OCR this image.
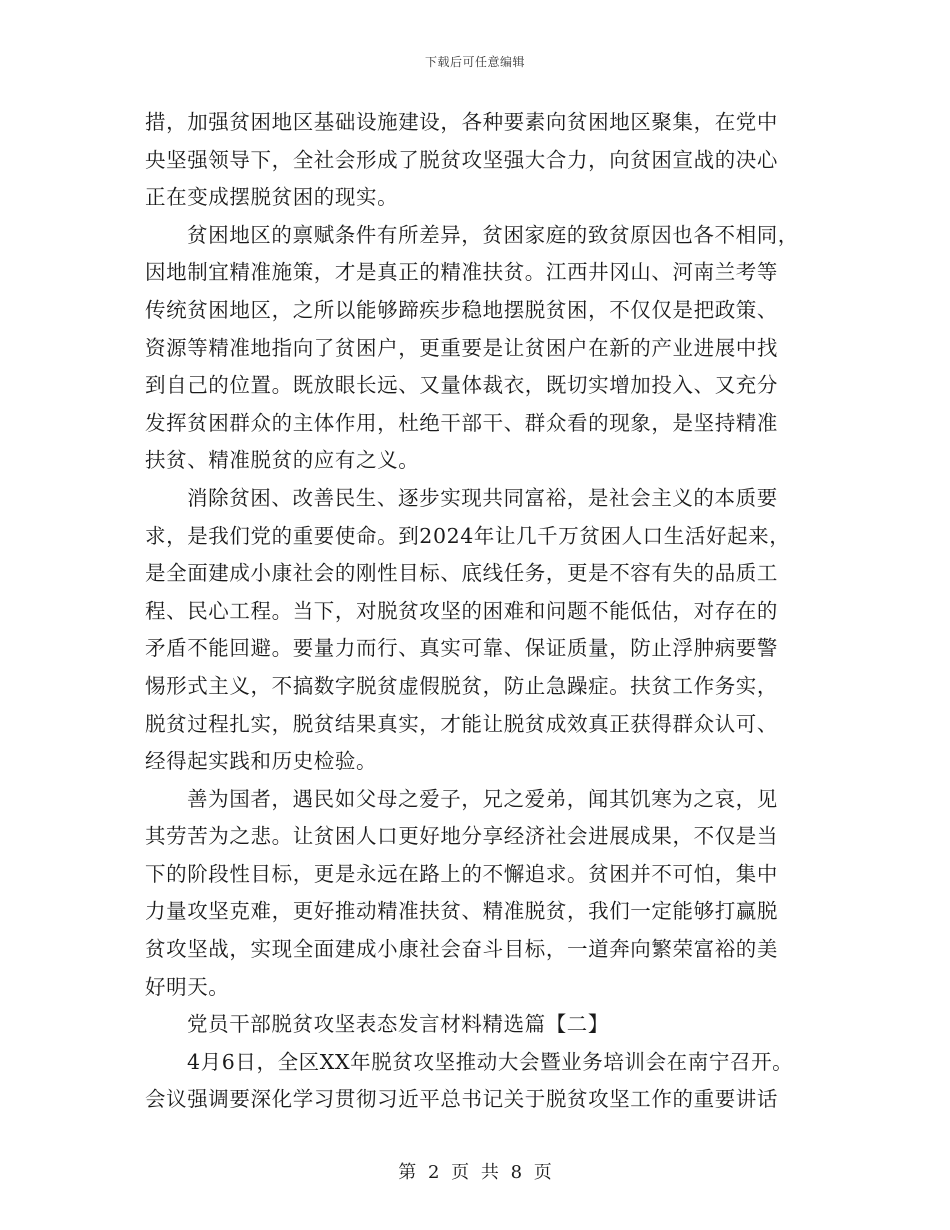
下载后可任意编辑
措，加强贫困地区基础设施建设，各种要素向贫困地区聚集，在党中
央坚强领导下，全社会形成了脱贫攻坚强大合力，向贫困宣战的决心
正在变成摆脱贫困的现实。
贫困地区的禀赋条件有所差异，贫困家庭的致贫原因也各不相同，
因地制宜精准施策，才是真正的精准扶贫。江西井冈山、河南兰考等
传统贫困地区，之所以能够蹄疾步稳地摆脱贫困，不仅仅是把政策、
资源等精准地指向了贫困户，更重要是让贫困户在新的产业进展中找
到自己的位置。既放眼长远、又量体裁衣，既切实增加投入、又充分
发挥贫困群众的主体作用，杜绝干部干、群众看的现象，是坚持精准
扶贫、精准脱贫的应有之义。
消除贫困、改善民生、逐步实现共同富裕，是社会主义的本质要
求，是我们党的重要使命。到2024年让几千万贫困人口生活好起来，
是全面建成小康社会的刚性目标、底线任务，更是不容有失的品质工
程、民心工程。当下，对脱贫攻坚的困难和问题不能低估，对存在的
矛盾不能回避。要量力而行、真实可靠、保证质量，防止浮肿病要警
惕形式主义，不搞数字脱贫虚假脱贫，防止急躁症。扶贫工作务实，
脱贫过程扎实，脱贫结果真实，才能让脱贫成效真正获得群众认可、
经得起实践和历史检验。
善为国者，遇民如父母之爱子，兄之爱弟，闻其饥寒为之哀，见
其劳苦为之悲。让贫困人口更好地分享经济社会进展成果，不仅是当
下的阶段性目标，更是永远在路上的不懈追求。贫困并不可怕，集中
力量攻坚克难，更好推动精准扶贫、精准脱贫，我们一定能够打赢脱
贫攻坚战，实现全面建成小康社会奋斗目标，一道奔向繁荣富裕的美
好明天。
党员干部脱贫攻坚表态发言材料精选篇【二】
4月6日，全区XX年脱贫攻坚推动大会暨业务培训会在南宁召开。
会议强调要深化学习贯彻习近平总书记关于脱贫攻坚工作的重要讲话
第 2 页 共 8 页
